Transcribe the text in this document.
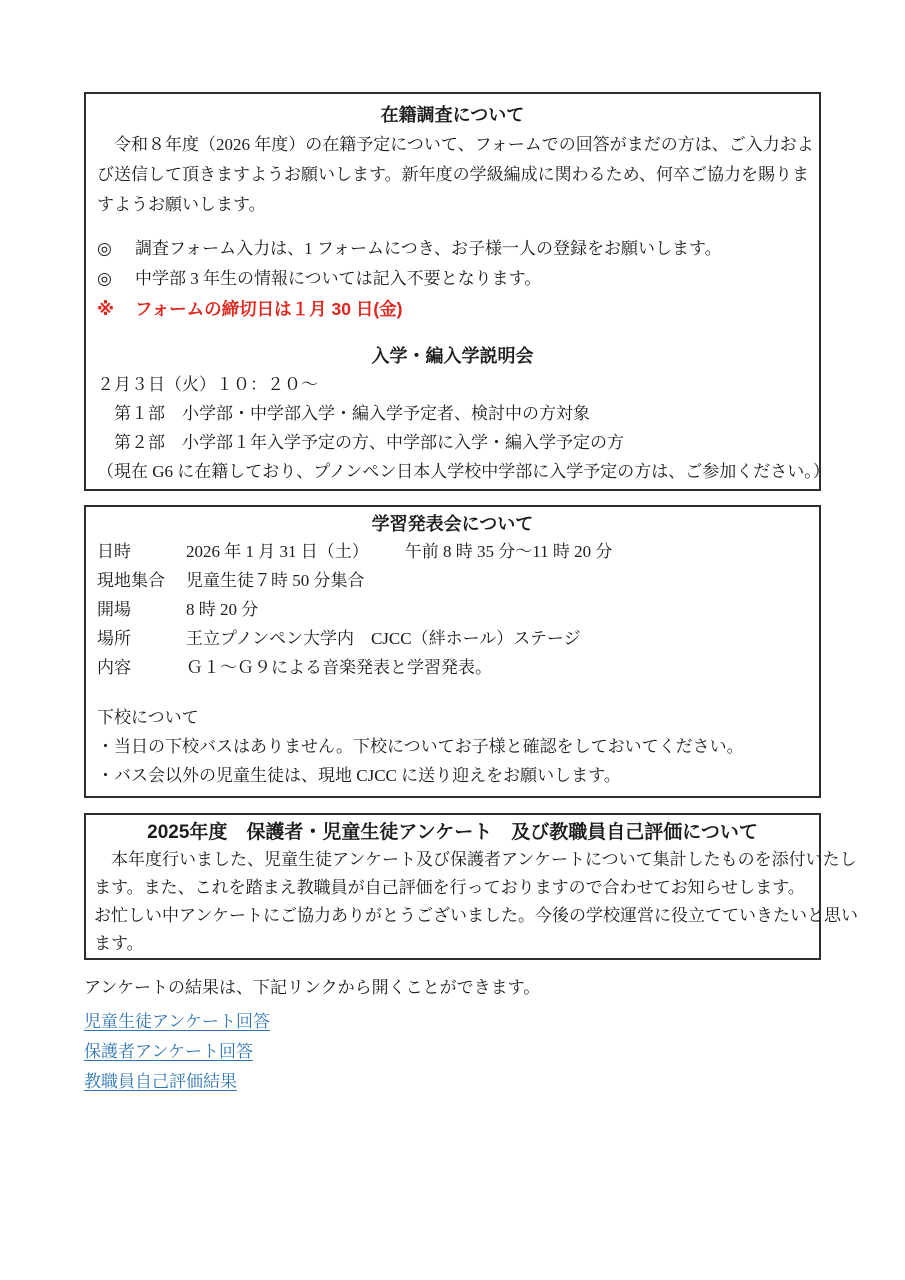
在籍調査について
　令和８年度（2026 年度）の在籍予定について、フォームでの回答がまだの方は、ご入力およ
び送信して頂きますようお願いします。新年度の学級編成に関わるため、何卒ご協力を賜りま
すようお願いします。
◎	調査フォーム入力は、1 フォームにつき、お子様一人の登録をお願いします。
◎	中学部 3 年生の情報については記入不要となります。
※	フォームの締切日は１月 30 日(金)
入学・編入学説明会
２月３日（火）１０：２０～
　第１部　小学部・中学部入学・編入学予定者、検討中の方対象
　第２部　小学部１年入学予定の方、中学部に入学・編入学予定の方
（現在 G6 に在籍しており、プノンペン日本人学校中学部に入学予定の方は、ご参加ください。）
学習発表会について
日時	2026 年 1 月 31 日（土） 午前 8 時 35 分～11 時 20 分
現地集合	児童生徒７時 50 分集合
開場	8 時 20 分
場所	王立プノンペン大学内　CJCC（絆ホール）ステージ
内容	Ｇ１～Ｇ９による音楽発表と学習発表。
下校について
・当日の下校バスはありません。下校についてお子様と確認をしておいてください。
・バス会以外の児童生徒は、現地 CJCC に送り迎えをお願いします。
2025年度　保護者・児童生徒アンケート　及び教職員自己評価について
　本年度行いました、児童生徒アンケート及び保護者アンケートについて集計したものを添付いたし
ます。また、これを踏まえ教職員が自己評価を行っておりますので合わせてお知らせします。
お忙しい中アンケートにご協力ありがとうございました。今後の学校運営に役立てていきたいと思い
ます。
アンケートの結果は、下記リンクから開くことができます。
児童生徒アンケート回答
保護者アンケート回答
教職員自己評価結果
